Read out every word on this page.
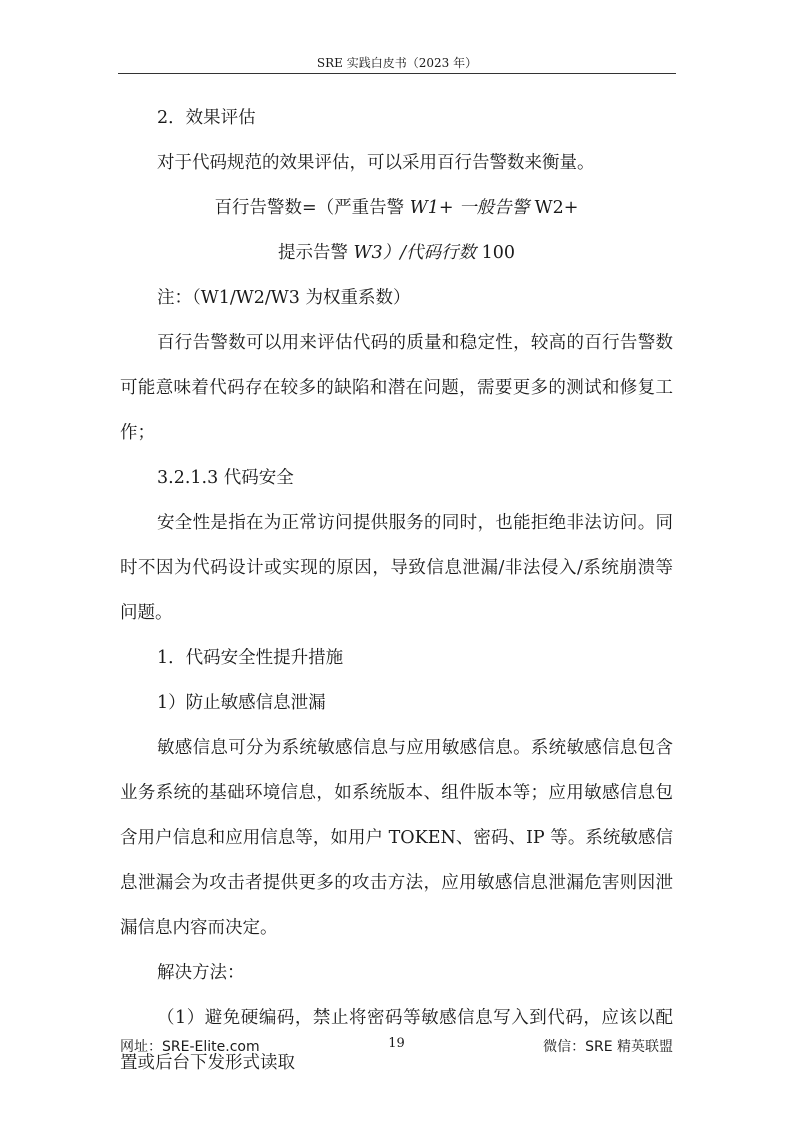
SRE 实践白皮书（2023 年）

2．效果评估

对于代码规范的效果评估，可以采用百行告警数来衡量。

百行告警数=（严重告警 W1+ 一般告警 W2+

提示告警 W3）/代码行数 100

注：（W1/W2/W3 为权重系数）

百行告警数可以用来评估代码的质量和稳定性，较高的百行告警数可能意味着代码存在较多的缺陷和潜在问题，需要更多的测试和修复工作；

3.2.1.3 代码安全

安全性是指在为正常访问提供服务的同时，也能拒绝非法访问。同时不因为代码设计或实现的原因，导致信息泄漏/非法侵入/系统崩溃等问题。

1．代码安全性提升措施

1）防止敏感信息泄漏

敏感信息可分为系统敏感信息与应用敏感信息。系统敏感信息包含业务系统的基础环境信息，如系统版本、组件版本等；应用敏感信息包含用户信息和应用信息等，如用户 TOKEN、密码、IP 等。系统敏感信息泄漏会为攻击者提供更多的攻击方法，应用敏感信息泄漏危害则因泄漏信息内容而决定。

解决方法：

（1）避免硬编码，禁止将密码等敏感信息写入到代码，应该以配置或后台下发形式读取

网址：SRE-Elite.com	19	微信：SRE 精英联盟
